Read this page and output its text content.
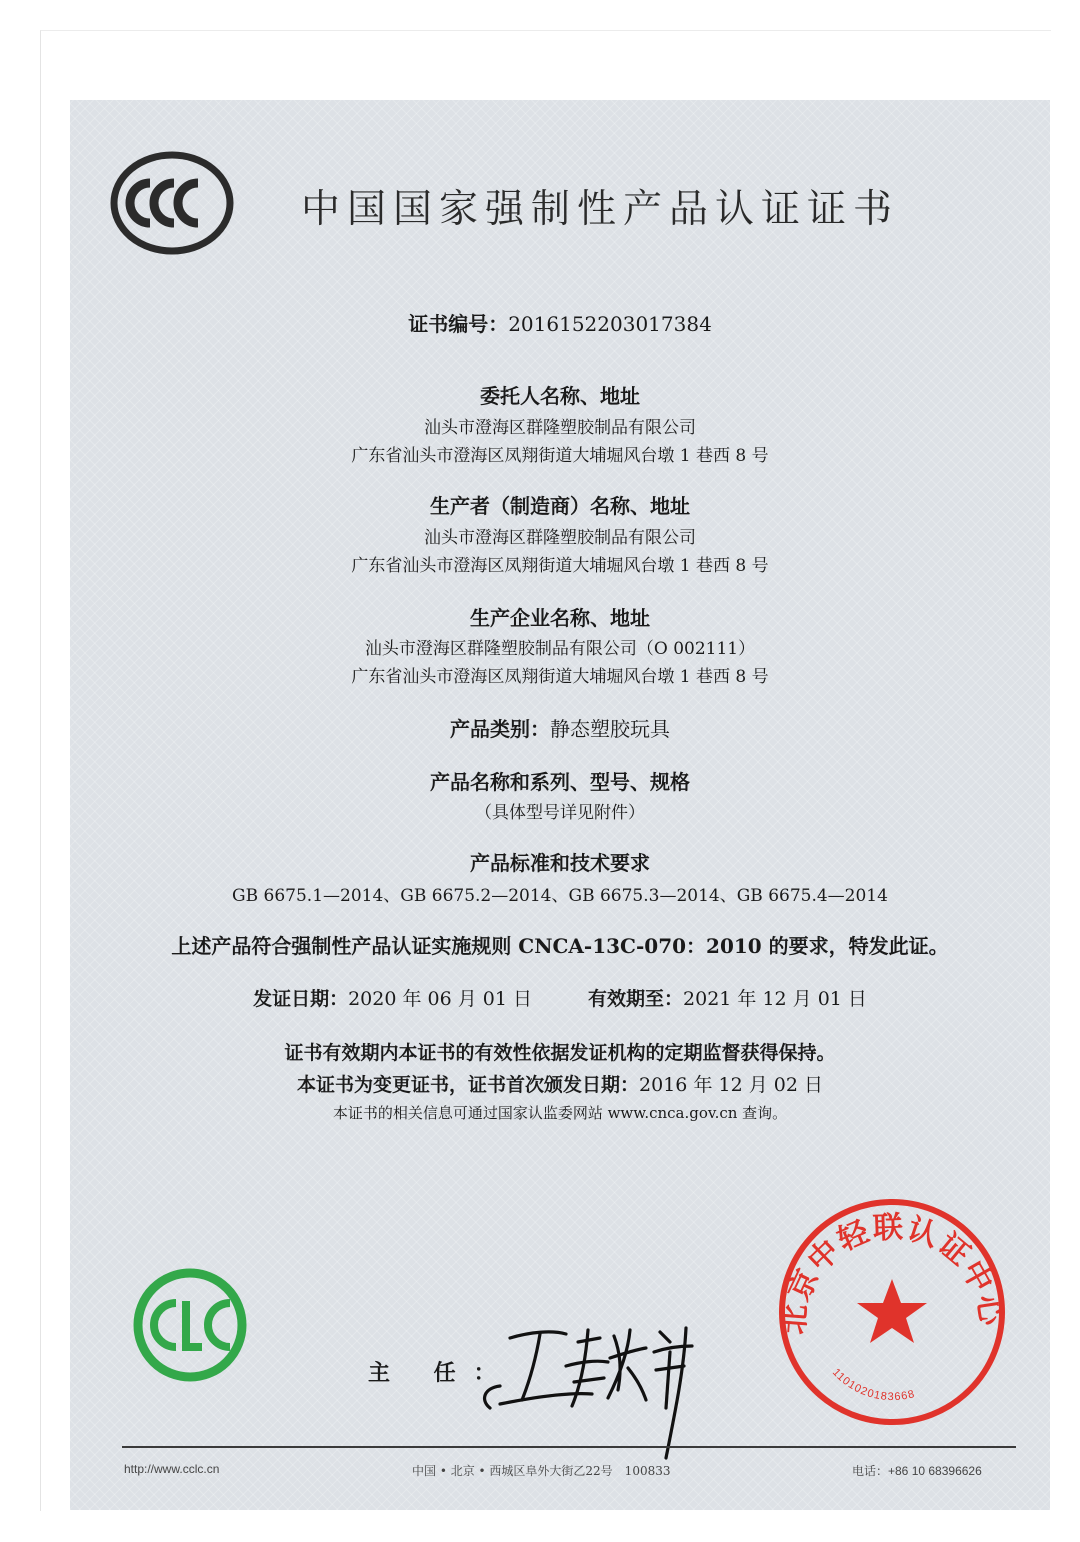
中国国家强制性产品认证证书
证书编号：2016152203017384
委托人名称、地址
汕头市澄海区群隆塑胶制品有限公司
广东省汕头市澄海区凤翔街道大埔堀风台墩 1 巷西 8 号
生产者（制造商）名称、地址
汕头市澄海区群隆塑胶制品有限公司
广东省汕头市澄海区凤翔街道大埔堀风台墩 1 巷西 8 号
生产企业名称、地址
汕头市澄海区群隆塑胶制品有限公司（O 002111）
广东省汕头市澄海区凤翔街道大埔堀风台墩 1 巷西 8 号
产品类别：静态塑胶玩具
产品名称和系列、型号、规格
（具体型号详见附件）
产品标准和技术要求
GB 6675.1—2014、GB 6675.2—2014、GB 6675.3—2014、GB 6675.4—2014
上述产品符合强制性产品认证实施规则 CNCA-13C-070：2010 的要求，特发此证。
发证日期：2020 年 06 月 01 日	有效期至：2021 年 12 月 01 日
证书有效期内本证书的有效性依据发证机构的定期监督获得保持。
本证书为变更证书，证书首次颁发日期：2016 年 12 月 02 日
本证书的相关信息可通过国家认监委网站 www.cnca.gov.cn 查询。
主 任：
北京中轻联认证中心
1101020183668
http://www.cclc.cn	中国 • 北京 • 西城区阜外大街乙22号　100833	电话：+86 10 68396626
